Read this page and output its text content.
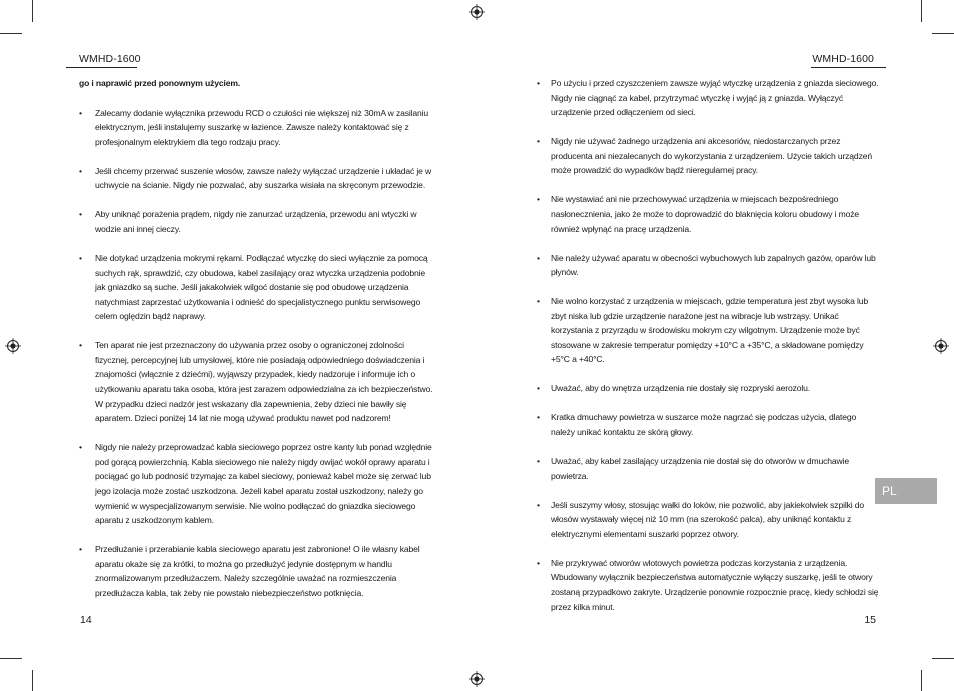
WMHD-1600

go i naprawić przed ponownym użyciem.

• Zalecamy dodanie wyłącznika przewodu RCD o czułości nie większej niż 30mA w zasilaniu elektrycznym, jeśli instalujemy suszarkę w łazience. Zawsze należy kontaktować się z profesjonalnym elektrykiem dla tego rodzaju pracy.
• Jeśli chcemy przerwać suszenie włosów, zawsze należy wyłączać urządzenie i układać je w uchwycie na ścianie. Nigdy nie pozwalać, aby suszarka wisiała na skręconym przewodzie.
• Aby uniknąć porażenia prądem, nigdy nie zanurzać urządzenia, przewodu ani wtyczki w wodzie ani innej cieczy.
• Nie dotykać urządzenia mokrymi rękami. Podłączać wtyczkę do sieci wyłącznie za pomocą suchych rąk, sprawdzić, czy obudowa, kabel zasilający oraz wtyczka urządzenia podobnie jak gniazdko są suche. Jeśli jakakolwiek wilgoć dostanie się pod obudowę urządzenia natychmiast zaprzestać użytkowania i odnieść do specjalistycznego punktu serwisowego celem oględzin bądź naprawy.
• Ten aparat nie jest przeznaczony do używania przez osoby o ograniczonej zdolności fizycznej, percepcyjnej lub umysłowej, które nie posiadają odpowiedniego doświadczenia i znajomości (włącznie z dziećmi), wyjąwszy przypadek, kiedy nadzoruje i informuje ich o użytkowaniu aparatu taka osoba, która jest zarazem odpowiedzialna za ich bezpieczeństwo. W przypadku dzieci nadzór jest wskazany dla zapewnienia, żeby dzieci nie bawiły się aparatem. Dzieci poniżej 14 lat nie mogą używać produktu nawet pod nadzorem!
• Nigdy nie należy przeprowadzać kabla sieciowego poprzez ostre kanty lub ponad względnie pod gorącą powierzchnią. Kabla sieciowego nie należy nigdy owijać wokół oprawy aparatu i pociągać go lub podnosić trzymając za kabel sieciowy, ponieważ kabel może się zerwać lub jego izolacja może zostać uszkodzona. Jeżeli kabel aparatu został uszkodzony, należy go wymienić w wyspecjalizowanym serwisie. Nie wolno podłączać do gniazdka sieciowego aparatu z uszkodzonym kablem.
• Przedłużanie i przerabianie kabla sieciowego aparatu jest zabronione! O ile własny kabel aparatu okaże się za krótki, to można go przedłużyć jedynie dostępnym w handlu znormalizowanym przedłużaczem. Należy szczególnie uważać na rozmieszczenia przedłużacza kabla, tak żeby nie powstało niebezpieczeństwo potknięcia.
14
WMHD-1600
• Po użyciu i przed czyszczeniem zawsze wyjąć wtyczkę urządzenia z gniazda sieciowego. Nigdy nie ciągnąć za kabel, przytrzymać wtyczkę i wyjąć ją z gniazda. Wyłączyć urządzenie przed odłączeniem od sieci.
• Nigdy nie używać żadnego urządzenia ani akcesoriów, niedostarczanych przez producenta ani niezalecanych do wykorzystania z urządzeniem. Użycie takich urządzeń może prowadzić do wypadków bądź nieregularnej pracy.
• Nie wystawiać ani nie przechowywać urządzenia w miejscach bezpośredniego nasłonecznienia, jako że może to doprowadzić do blaknięcia koloru obudowy i może również wpłynąć na pracę urządzenia.
• Nie należy używać aparatu w obecności wybuchowych lub zapalnych gazów, oparów lub płynów.
• Nie wolno korzystać z urządzenia w miejscach, gdzie temperatura jest zbyt wysoka lub zbyt niska lub gdzie urządzenie narażone jest na wibracje lub wstrząsy. Unikać korzystania z przyrządu w środowisku mokrym czy wilgotnym. Urządzenie może być stosowane w zakresie temperatur pomiędzy +10°C a +35°C, a składowane pomiędzy +5°C a +40°C.
• Uważać, aby do wnętrza urządzenia nie dostały się rozpryski aerozolu.
• Kratka dmuchawy powietrza w suszarce może nagrzać się podczas użycia, dlatego należy unikać kontaktu ze skórą głowy.
• Uważać, aby kabel zasilający urządzenia nie dostał się do otworów w dmuchawie powietrza.
• Jeśli suszymy włosy, stosując wałki do loków, nie pozwolić, aby jakiekolwiek szpilki do włosów wystawały więcej niż 10 mm (na szerokość palca), aby uniknąć kontaktu z elektrycznymi elementami suszarki poprzez otwory.
• Nie przykrywać otworów wlotowych powietrza podczas korzystania z urządzenia. Wbudowany wyłącznik bezpieczeństwa automatycznie wyłączy suszarkę, jeśli te otwory zostaną przypadkowo zakryte. Urządzenie ponownie rozpocznie pracę, kiedy schłodzi się przez kilka minut.
15
PL
